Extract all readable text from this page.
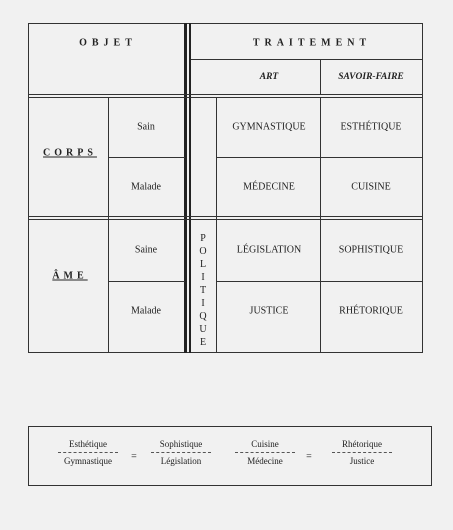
OBJET	TRAITEMENT
ART	SAVOIR-FAIRE
CORPS
ÂME
P
O
L
I
T
I
Q
U
E
Sain	GYMNASTIQUE	ESTHÉTIQUE
Malade	MÉDECINE	CUISINE
Saine	LÉGISLATION	SOPHISTIQUE
Malade	JUSTICE	RHÉTORIQUE
Esthétique
Gymnastique	=
Sophistique
Législation
Cuisine
Médecine	=
Rhétorique
Justice
